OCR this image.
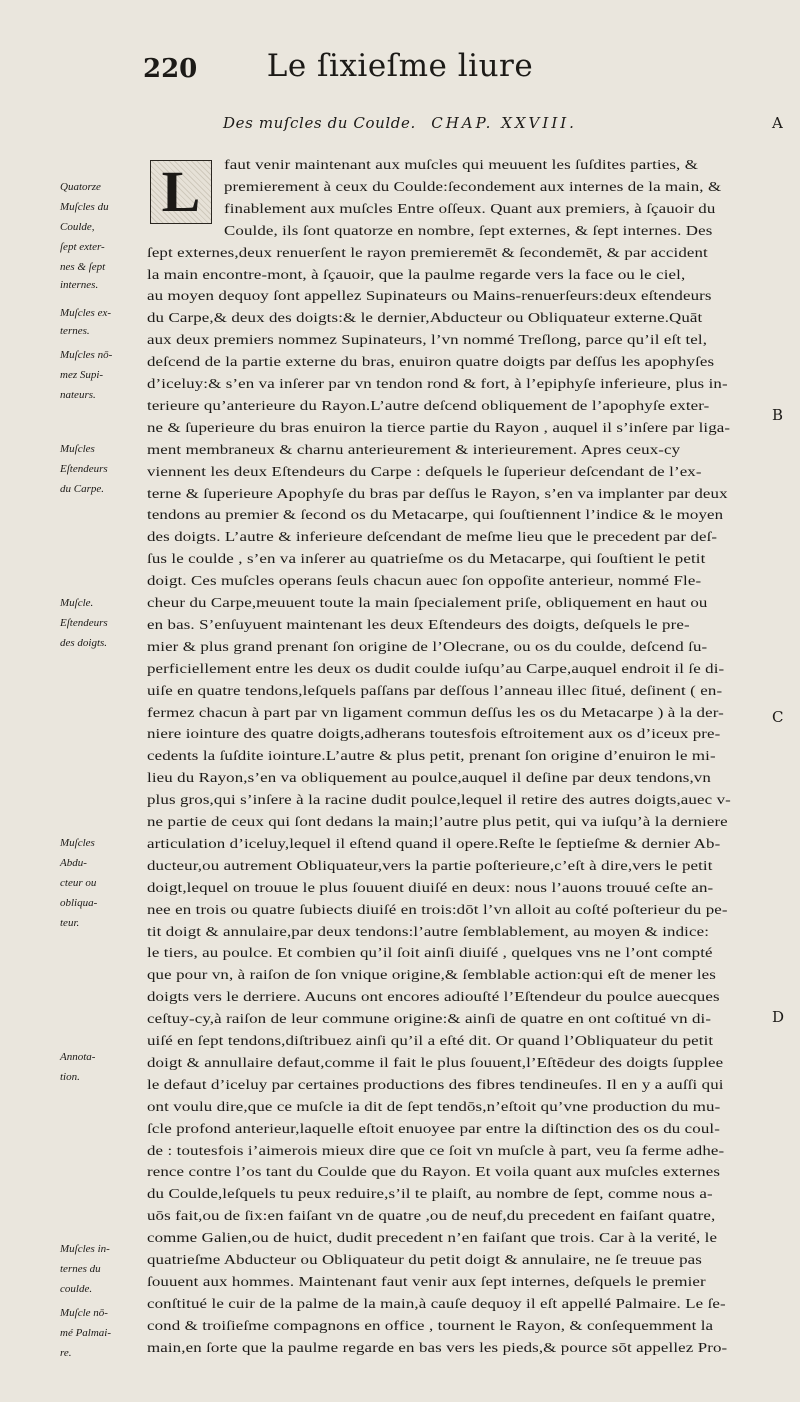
220	Le ſixieſme liure
Des muſcles du Coulde. CHAP. XXVIII.	A
B
C
D
L	faut venir maintenant aux muſcles qui meuuent les ſuſdites parties, &
premierement à ceux du Coulde:ſecondement aux internes de la main, &
finablement aux muſcles Entre oſſeux. Quant aux premiers, à ſçauoir du
Coulde, ils ſont quatorze en nombre, ſept externes, & ſept internes. Des
ſept externes,deux renuerſent le rayon premieremēt & ſecondemēt, & par accident
la main encontre-mont, à ſçauoir, que la paulme regarde vers la face ou le ciel,
au moyen dequoy ſont appellez Supinateurs ou Mains-renuerſeurs:deux eſtendeurs
du Carpe,& deux des doigts:& le dernier,Abducteur ou Obliquateur externe.Quāt
aux deux premiers nommez Supinateurs, l’vn nommé Treſlong, parce qu’il eſt tel,
deſcend de la partie externe du bras, enuiron quatre doigts par deſſus les apophyſes
d’iceluy:& s’en va inſerer par vn tendon rond & fort, à l’epiphyſe inferieure, plus in-
terieure qu’anterieure du Rayon.L’autre deſcend obliquement de l’apophyſe exter-
ne & ſuperieure du bras enuiron la tierce partie du Rayon , auquel il s’inſere par liga-
ment membraneux & charnu anterieurement & interieurement. Apres ceux-cy
viennent les deux Eſtendeurs du Carpe : deſquels le ſuperieur deſcendant de l’ex-
terne & ſuperieure Apophyſe du bras par deſſus le Rayon, s’en va implanter par deux
tendons au premier & ſecond os du Metacarpe, qui ſouſtiennent l’indice & le moyen
des doigts. L’autre & inferieure deſcendant de meſme lieu que le precedent par deſ-
ſus le coulde , s’en va inſerer au quatrieſme os du Metacarpe, qui ſouſtient le petit
doigt. Ces muſcles operans ſeuls chacun auec ſon oppoſite anterieur, nommé Fle-
cheur du Carpe,meuuent toute la main ſpecialement priſe, obliquement en haut ou
en bas. S’enſuyuent maintenant les deux Eſtendeurs des doigts, deſquels le pre-
mier & plus grand prenant ſon origine de l’Olecrane, ou os du coulde, deſcend ſu-
perficiellement entre les deux os dudit coulde iuſqu’au Carpe,auquel endroit il ſe di-
uiſe en quatre tendons,leſquels paſſans par deſſous l’anneau illec ſitué, deſinent ( en-
fermez chacun à part par vn ligament commun deſſus les os du Metacarpe ) à la der-
niere iointure des quatre doigts,adherans toutesfois eſtroitement aux os d’iceux pre-
cedents la ſuſdite iointure.L’autre & plus petit, prenant ſon origine d’enuiron le mi-
lieu du Rayon,s’en va obliquement au poulce,auquel il deſine par deux tendons,vn
plus gros,qui s’inſere à la racine dudit poulce,lequel il retire des autres doigts,auec v-
ne partie de ceux qui ſont dedans la main;l’autre plus petit, qui va iuſqu’à la derniere
articulation d’iceluy,lequel il eſtend quand il opere.Reſte le ſeptieſme & dernier Ab-
ducteur,ou autrement Obliquateur,vers la partie poſterieure,c’eſt à dire,vers le petit
doigt,lequel on trouue le plus ſouuent diuiſé en deux: nous l’auons trouué ceſte an-
nee en trois ou quatre ſubiects diuiſé en trois:dōt l’vn alloit au coſté poſterieur du pe-
tit doigt & annulaire,par deux tendons:l’autre ſemblablement, au moyen & indice:
le tiers, au poulce. Et combien qu’il ſoit ainſi diuiſé , quelques vns ne l’ont compté
que pour vn, à raiſon de ſon vnique origine,& ſemblable action:qui eſt de mener les
doigts vers le derriere. Aucuns ont encores adiouſté l’Eſtendeur du poulce auecques
ceſtuy-cy,à raiſon de leur commune origine:& ainſi de quatre en ont coſtitué vn di-
uiſé en ſept tendons,diſtribuez ainſi qu’il a eſté dit. Or quand l’Obliquateur du petit
doigt & annullaire defaut,comme il fait le plus ſouuent,l’Eſtēdeur des doigts ſupplee
le defaut d’iceluy par certaines productions des fibres tendineuſes. Il en y a auſſi qui
ont voulu dire,que ce muſcle ia dit de ſept tendōs,n’eſtoit qu’vne production du mu-
ſcle profond anterieur,laquelle eſtoit enuoyee par entre la diſtinction des os du coul-
de : toutesfois i’aimerois mieux dire que ce ſoit vn muſcle à part, veu ſa ferme adhe-
rence contre l’os tant du Coulde que du Rayon. Et voila quant aux muſcles externes
du Coulde,leſquels tu peux reduire,s’il te plaiſt, au nombre de ſept, comme nous a-
uōs fait,ou de ſix:en faiſant vn de quatre ,ou de neuf,du precedent en faiſant quatre,
comme Galien,ou de huict, dudit precedent n’en faiſant que trois. Car à la verité, le
quatrieſme Abducteur ou Obliquateur du petit doigt & annulaire, ne ſe treuue pas
ſouuent aux hommes. Maintenant faut venir aux ſept internes, deſquels le premier
conſtitué le cuir de la palme de la main,à cauſe dequoy il eſt appellé Palmaire. Le ſe-
cond & troiſieſme compagnons en office , tournent le Rayon, & conſequemment la
main,en ſorte que la paulme regarde en bas vers les pieds,& pource sōt appellez Pro-
Quatorze
Muſcles du
Coulde,
ſept exter-
nes & ſept
internes.
Muſcles ex-
ternes.
Muſcles nō-
mez Supi-
nateurs.
Muſcles
Eſtendeurs
du Carpe.
Muſcle.
Eſtendeurs
des doigts.
Muſcles
Abdu-
cteur ou
obliqua-
teur.
Annota-
tion.
Muſcles in-
ternes du
coulde.
Muſcle nō-
mé Palmai-
re.
